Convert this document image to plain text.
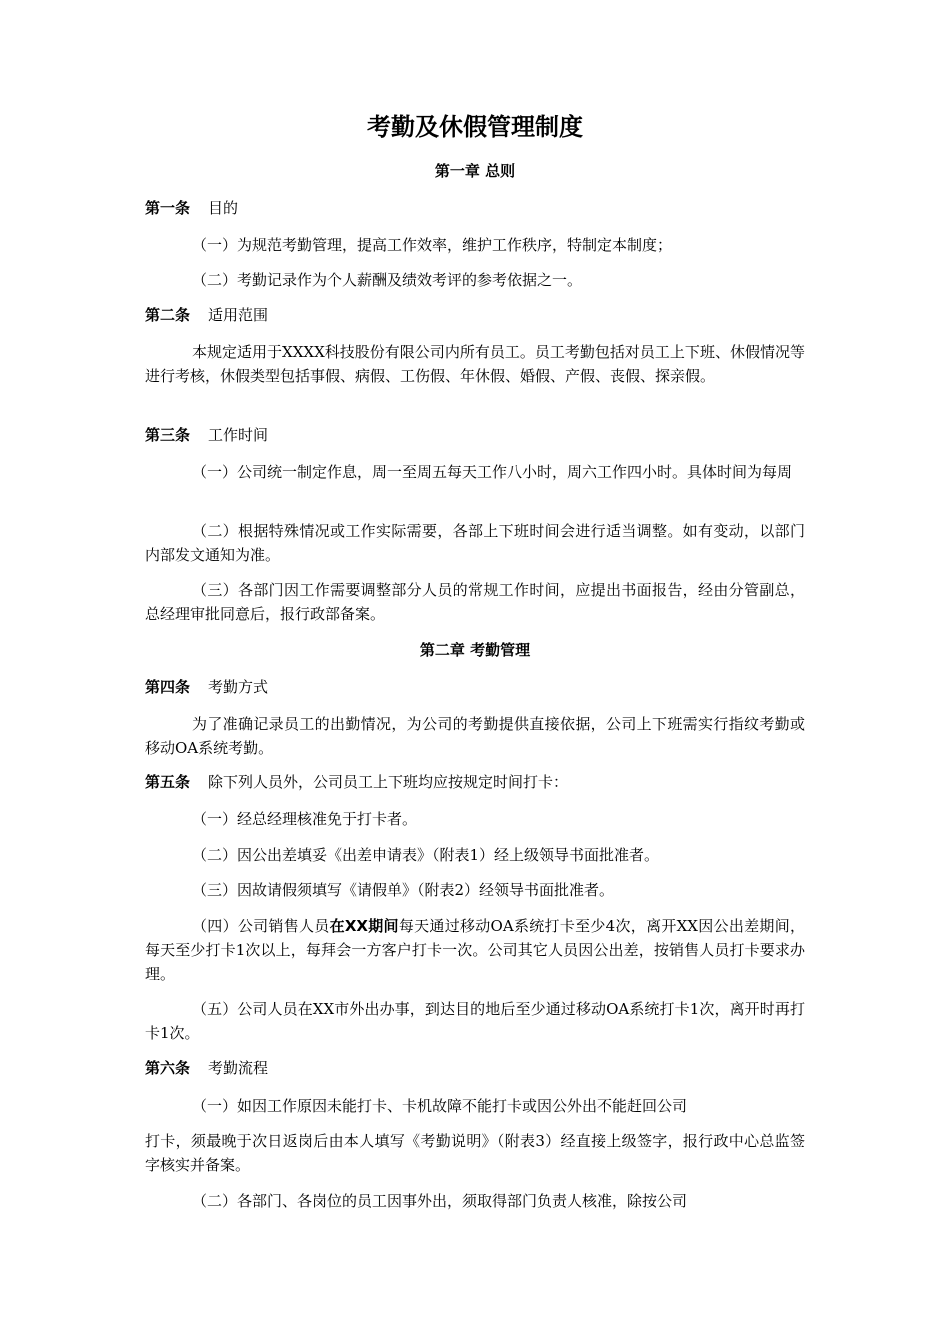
考勤及休假管理制度
第一章 总则
第一条 目的
（一）为规范考勤管理，提高工作效率，维护工作秩序，特制定本制度；
（二）考勤记录作为个人薪酬及绩效考评的参考依据之一。
第二条 适用范围
本规定适用于XXXX科技股份有限公司内所有员工。员工考勤包括对员工上下班、休假情况等进行考核，休假类型包括事假、病假、工伤假、年休假、婚假、产假、丧假、探亲假。
第三条 工作时间
（一）公司统一制定作息，周一至周五每天工作八小时，周六工作四小时。具体时间为每周
（二）根据特殊情况或工作实际需要，各部上下班时间会进行适当调整。如有变动，以部门内部发文通知为准。
（三）各部门因工作需要调整部分人员的常规工作时间，应提出书面报告，经由分管副总，总经理审批同意后，报行政部备案。
第二章 考勤管理
第四条 考勤方式
为了准确记录员工的出勤情况，为公司的考勤提供直接依据，公司上下班需实行指纹考勤或移动OA系统考勤。
第五条 除下列人员外，公司员工上下班均应按规定时间打卡：
（一）经总经理核准免于打卡者。
（二）因公出差填妥《出差申请表》（附表1）经上级领导书面批准者。
（三）因故请假须填写《请假单》（附表2）经领导书面批准者。
（四）公司销售人员在XX期间每天通过移动OA系统打卡至少4次，离开XX因公出差期间，每天至少打卡1次以上，每拜会一方客户打卡一次。公司其它人员因公出差，按销售人员打卡要求办理。
（五）公司人员在XX市外出办事，到达目的地后至少通过移动OA系统打卡1次，离开时再打卡1次。
第六条 考勤流程
（一）如因工作原因未能打卡、卡机故障不能打卡或因公外出不能赶回公司
打卡，须最晚于次日返岗后由本人填写《考勤说明》（附表3）经直接上级签字，报行政中心总监签字核实并备案。
（二）各部门、各岗位的员工因事外出，须取得部门负责人核准，除按公司
